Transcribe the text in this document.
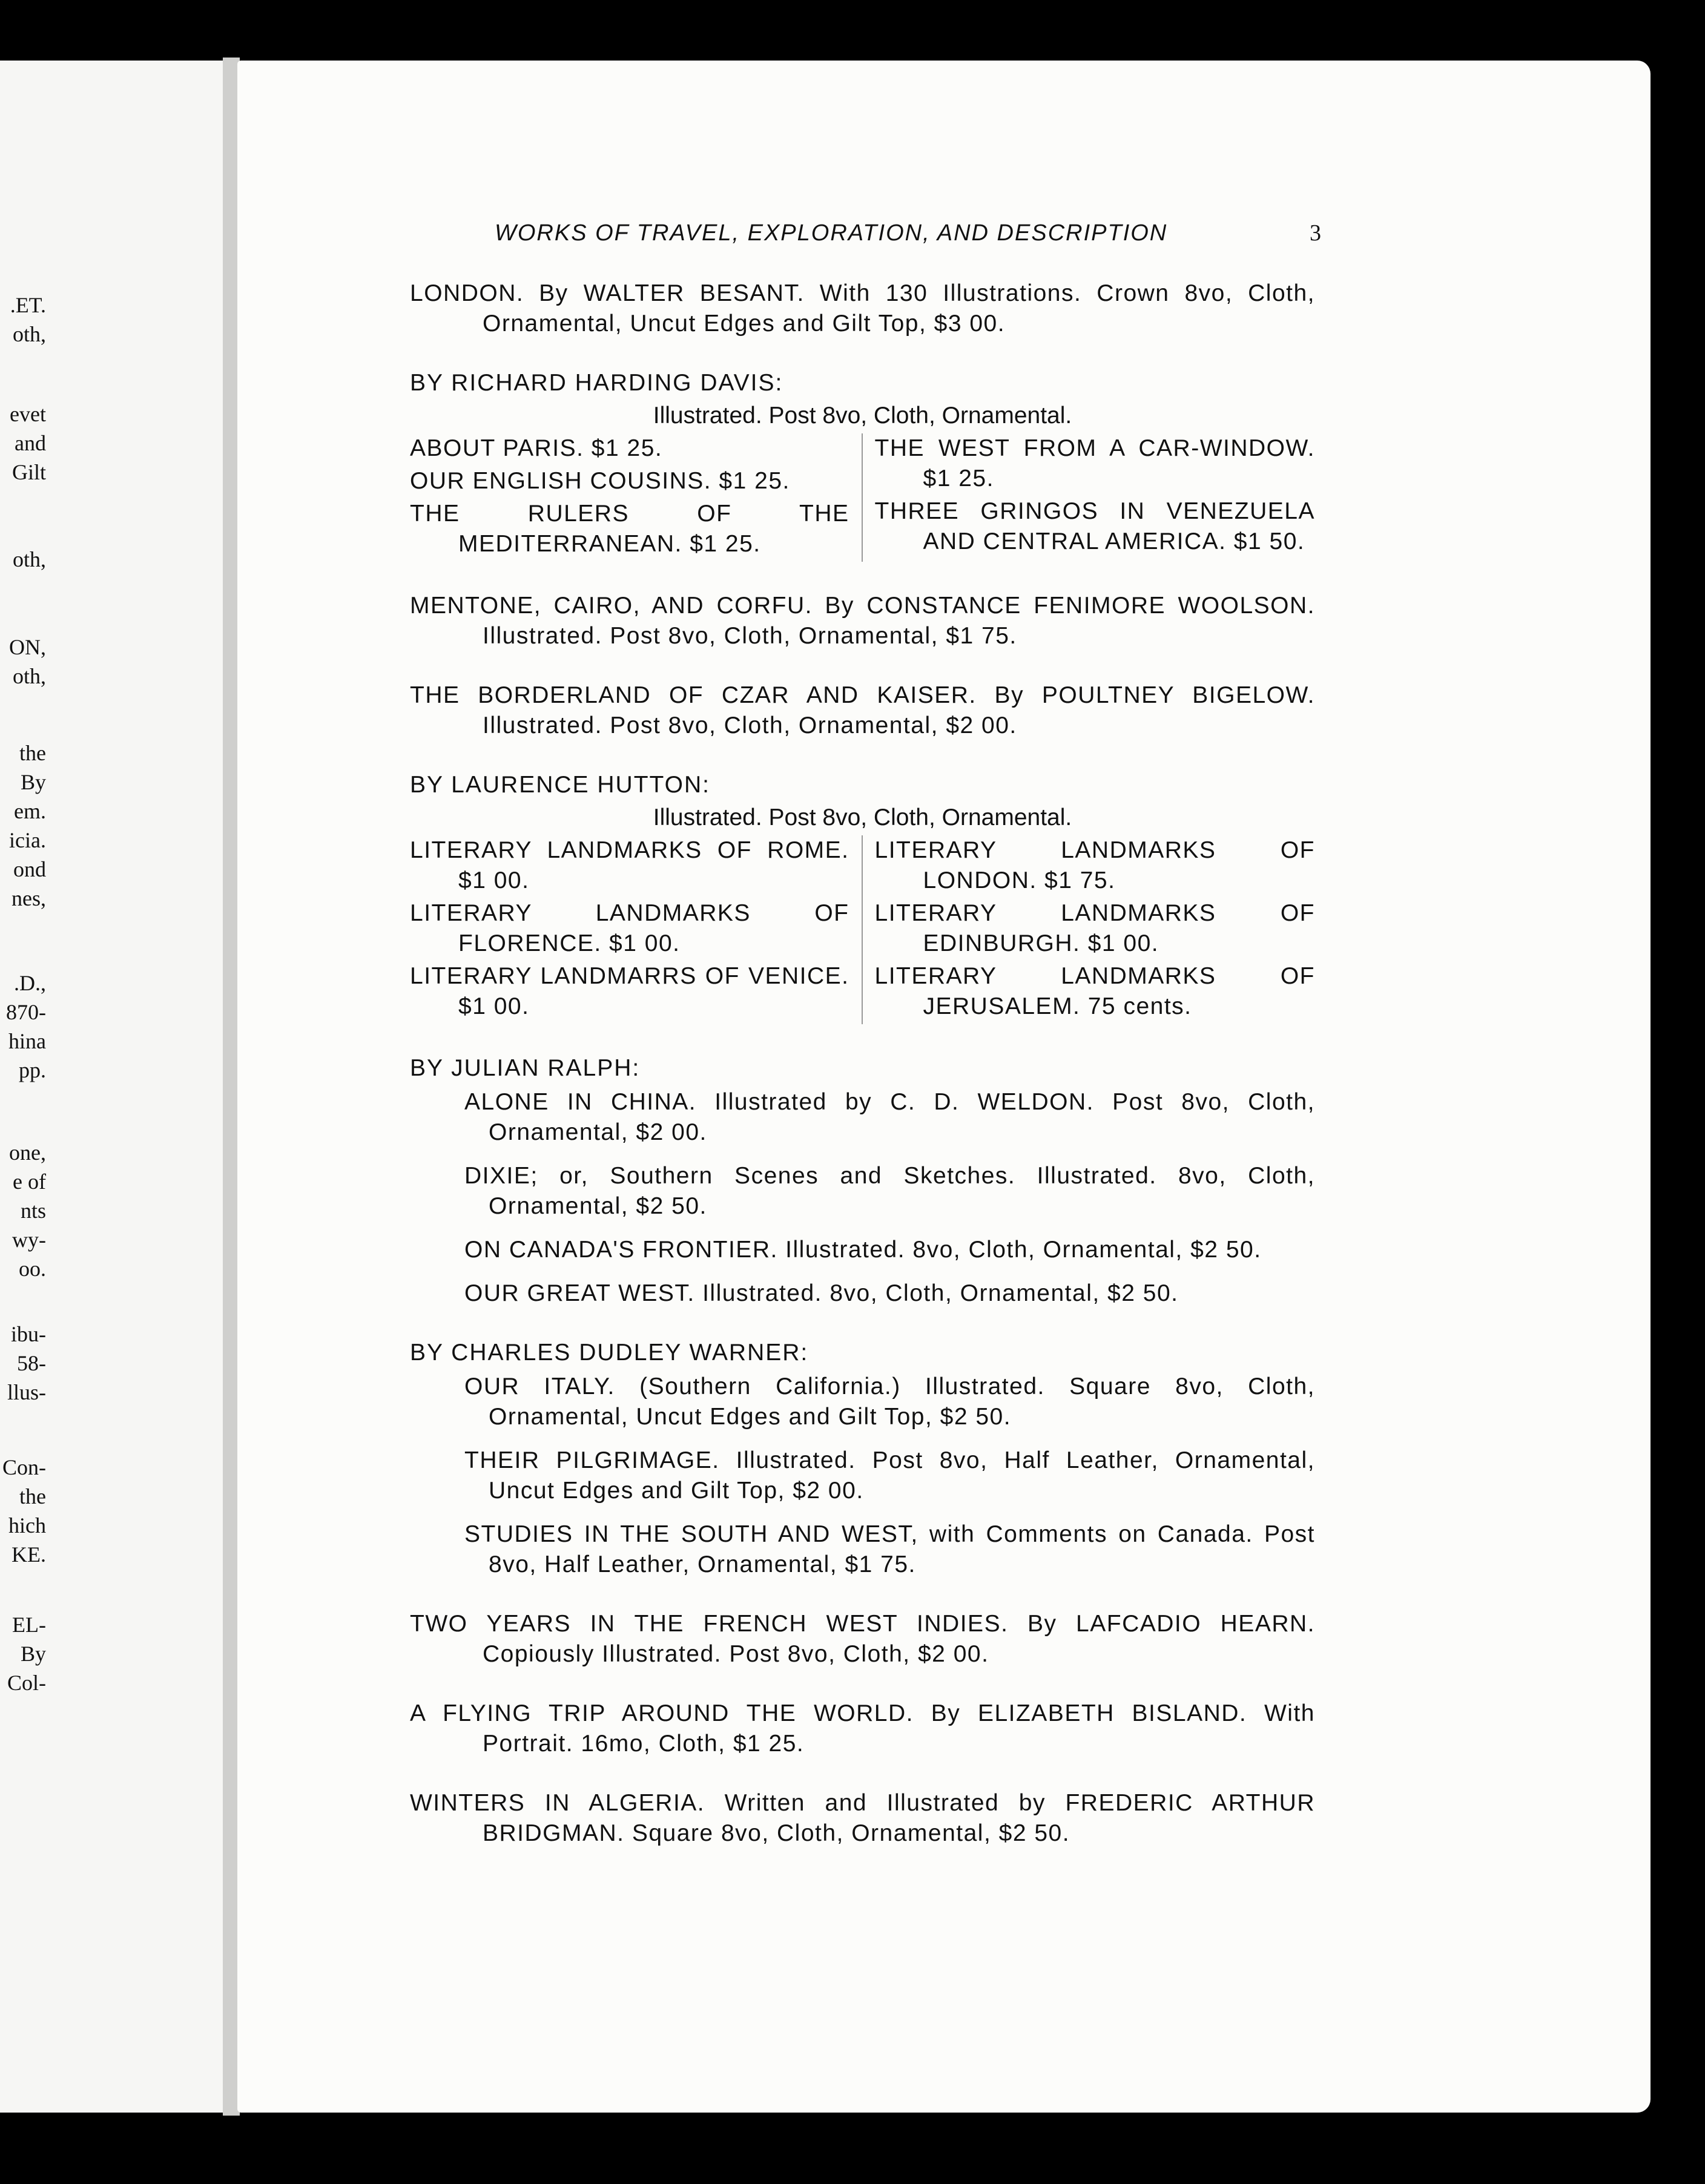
.ET.
oth,
evet
and
Gilt
oth,
ON,
oth,
the
By
em.
icia.
ond
nes,
.D.,
870-
hina
pp.
one,
e of
nts
wy-
oo.
ibu-
58-
llus-
Con-
the
hich
KE.
EL-
By
Col-
WORKS OF TRAVEL, EXPLORATION, AND DESCRIPTION	3
LONDON. By WALTER BESANT. With 130 Illustrations. Crown 8vo, Cloth, Ornamental, Uncut Edges and Gilt Top, $3 00.
BY RICHARD HARDING DAVIS:
Illustrated. Post 8vo, Cloth, Ornamental.
ABOUT PARIS. $1 25.
OUR ENGLISH COUSINS. $1 25.
THE RULERS OF THE MEDITERRANEAN. $1 25.
THE WEST FROM A CAR-WINDOW. $1 25.
THREE GRINGOS IN VENEZUELA AND CENTRAL AMERICA. $1 50.
MENTONE, CAIRO, AND CORFU. By CONSTANCE FENIMORE WOOLSON. Illustrated. Post 8vo, Cloth, Ornamental, $1 75.
THE BORDERLAND OF CZAR AND KAISER. By POULTNEY BIGELOW. Illustrated. Post 8vo, Cloth, Ornamental, $2 00.
BY LAURENCE HUTTON:
Illustrated. Post 8vo, Cloth, Ornamental.
LITERARY LANDMARKS OF ROME. $1 00.
LITERARY LANDMARKS OF FLORENCE. $1 00.
LITERARY LANDMARRS OF VENICE. $1 00.
LITERARY LANDMARKS OF LONDON. $1 75.
LITERARY LANDMARKS OF EDINBURGH. $1 00.
LITERARY LANDMARKS OF JERUSALEM. 75 cents.
BY JULIAN RALPH:
ALONE IN CHINA. Illustrated by C. D. WELDON. Post 8vo, Cloth, Ornamental, $2 00.
DIXIE; or, Southern Scenes and Sketches. Illustrated. 8vo, Cloth, Ornamental, $2 50.
ON CANADA'S FRONTIER. Illustrated. 8vo, Cloth, Ornamental, $2 50.
OUR GREAT WEST. Illustrated. 8vo, Cloth, Ornamental, $2 50.
BY CHARLES DUDLEY WARNER:
OUR ITALY. (Southern California.) Illustrated. Square 8vo, Cloth, Ornamental, Uncut Edges and Gilt Top, $2 50.
THEIR PILGRIMAGE. Illustrated. Post 8vo, Half Leather, Ornamental, Uncut Edges and Gilt Top, $2 00.
STUDIES IN THE SOUTH AND WEST, with Comments on Canada. Post 8vo, Half Leather, Ornamental, $1 75.
TWO YEARS IN THE FRENCH WEST INDIES. By LAFCADIO HEARN. Copiously Illustrated. Post 8vo, Cloth, $2 00.
A FLYING TRIP AROUND THE WORLD. By ELIZABETH BISLAND. With Portrait. 16mo, Cloth, $1 25.
WINTERS IN ALGERIA. Written and Illustrated by FREDERIC ARTHUR BRIDGMAN. Square 8vo, Cloth, Ornamental, $2 50.
